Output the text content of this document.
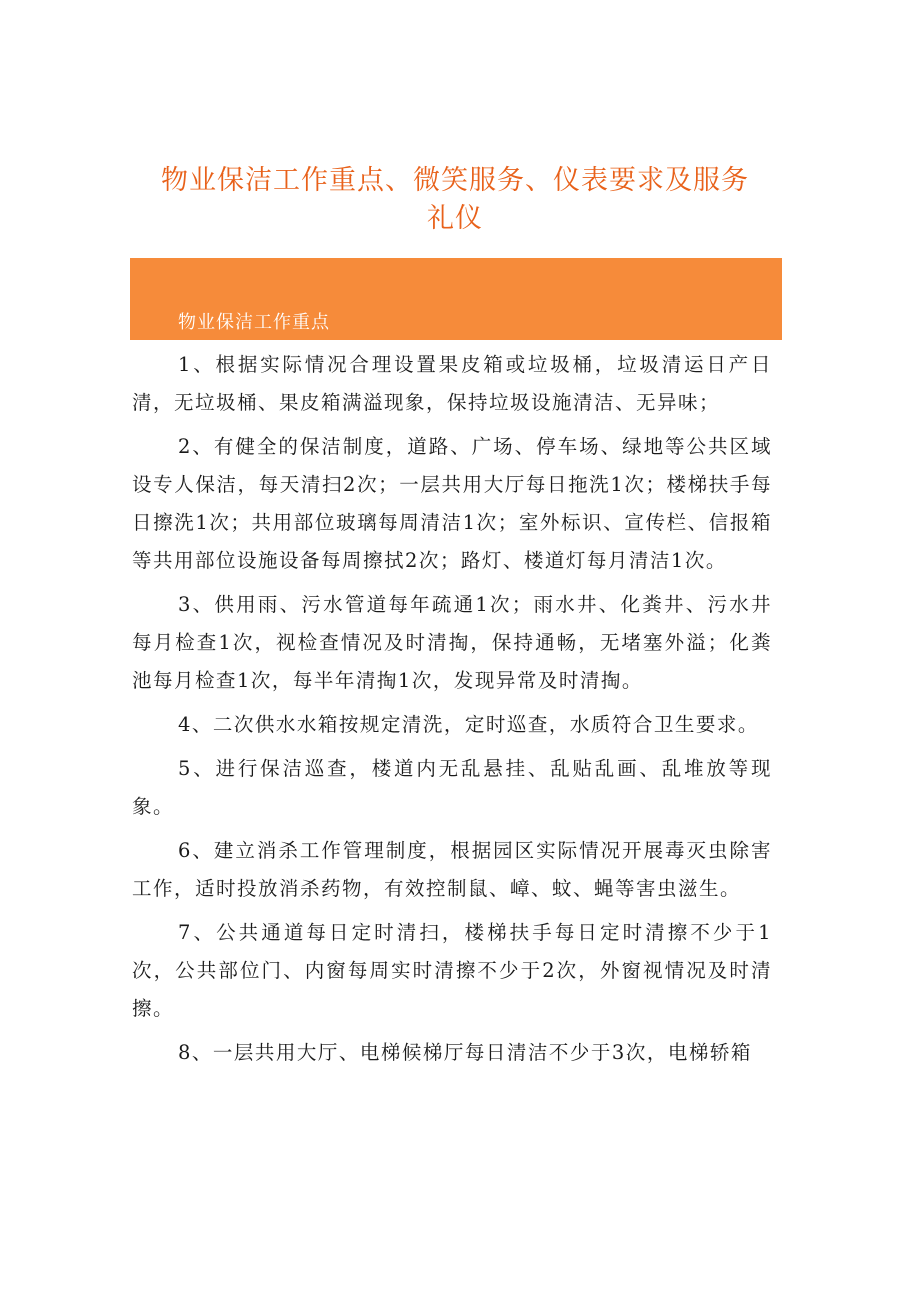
物业保洁工作重点、微笑服务、仪表要求及服务
礼仪
物业保洁工作重点

1、根据实际情况合理设置果皮箱或垃圾桶，垃圾清运日产日清，无垃圾桶、果皮箱满溢现象，保持垃圾设施清洁、无异味；

2、有健全的保洁制度，道路、广场、停车场、绿地等公共区域设专人保洁，每天清扫2次；一层共用大厅每日拖洗1次；楼梯扶手每日擦洗1次；共用部位玻璃每周清洁1次；室外标识、宣传栏、信报箱等共用部位设施设备每周擦拭2次；路灯、楼道灯每月清洁1次。

3、供用雨、污水管道每年疏通1次；雨水井、化粪井、污水井每月检查1次，视检查情况及时清掏，保持通畅，无堵塞外溢；化粪池每月检查1次，每半年清掏1次，发现异常及时清掏。

4、二次供水水箱按规定清洗，定时巡查，水质符合卫生要求。

5、进行保洁巡查，楼道内无乱悬挂、乱贴乱画、乱堆放等现象。

6、建立消杀工作管理制度，根据园区实际情况开展毒灭虫除害工作，适时投放消杀药物，有效控制鼠、嶂、蚊、蝇等害虫滋生。

7、公共通道每日定时清扫，楼梯扶手每日定时清擦不少于1次，公共部位门、内窗每周实时清擦不少于2次，外窗视情况及时清擦。

8、一层共用大厅、电梯候梯厅每日清洁不少于3次，电梯轿箱
